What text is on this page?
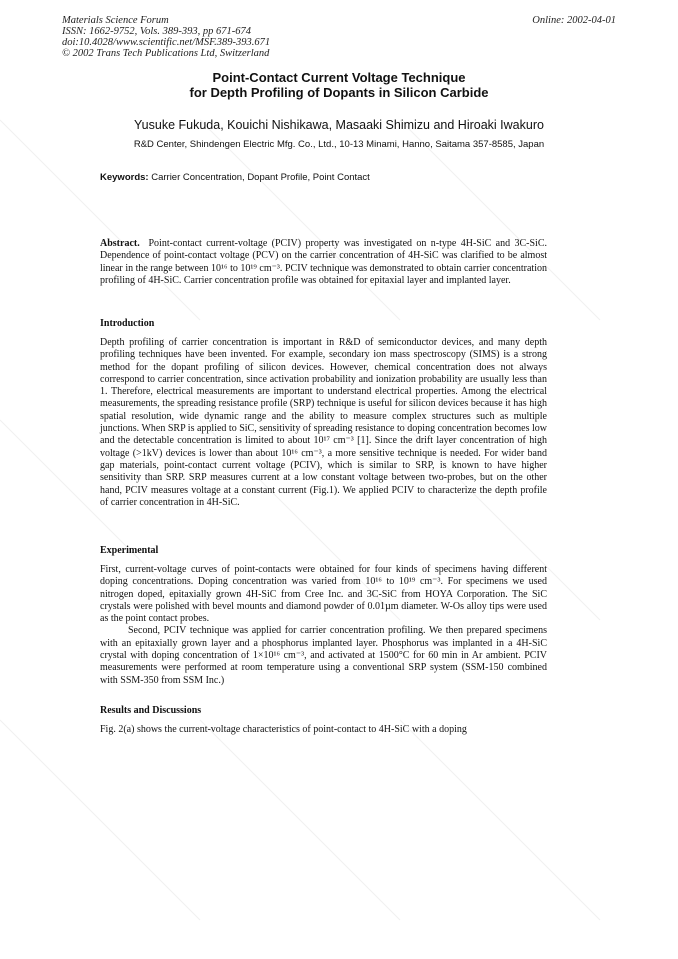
Materials Science Forum
ISSN: 1662-9752, Vols. 389-393, pp 671-674
doi:10.4028/www.scientific.net/MSF.389-393.671
© 2002 Trans Tech Publications Ltd, Switzerland
Online: 2002-04-01
Point-Contact Current Voltage Technique
for Depth Profiling of Dopants in Silicon Carbide
Yusuke Fukuda, Kouichi Nishikawa, Masaaki Shimizu and Hiroaki Iwakuro
R&D Center, Shindengen Electric Mfg. Co., Ltd., 10-13 Minami, Hanno, Saitama 357-8585, Japan
Keywords: Carrier Concentration, Dopant Profile, Point Contact

Abstract. Point-contact current-voltage (PCIV) property was investigated on n-type 4H-SiC and 3C-SiC. Dependence of point-contact voltage (PCV) on the carrier concentration of 4H-SiC was clarified to be almost linear in the range between 10¹⁶ to 10¹⁹ cm⁻³. PCIV technique was demonstrated to obtain carrier concentration profiling of 4H-SiC. Carrier concentration profile was obtained for epitaxial layer and implanted layer.

Introduction
Depth profiling of carrier concentration is important in R&D of semiconductor devices, and many depth profiling techniques have been invented. For example, secondary ion mass spectroscopy (SIMS) is a strong method for the dopant profiling of silicon devices. However, chemical concentration does not always correspond to carrier concentration, since activation probability and ionization probability are usually less than 1. Therefore, electrical measurements are important to understand electrical properties. Among the electrical measurements, the spreading resistance profile (SRP) technique is useful for silicon devices because it has high spatial resolution, wide dynamic range and the ability to measure complex structures such as multiple junctions. When SRP is applied to SiC, sensitivity of spreading resistance to doping concentration becomes low and the detectable concentration is limited to about 10¹⁷ cm⁻³ [1]. Since the drift layer concentration of high voltage (>1kV) devices is lower than about 10¹⁶ cm⁻³, a more sensitive technique is needed. For wider band gap materials, point-contact current voltage (PCIV), which is similar to SRP, is known to have higher sensitivity than SRP. SRP measures current at a low constant voltage between two-probes, but on the other hand, PCIV measures voltage at a constant current (Fig.1). We applied PCIV to characterize the depth profile of carrier concentration in 4H-SiC.
Experimental

First, current-voltage curves of point-contacts were obtained for four kinds of specimens having different doping concentrations. Doping concentration was varied from 10¹⁶ to 10¹⁹ cm⁻³. For specimens we used nitrogen doped, epitaxially grown 4H-SiC from Cree Inc. and 3C-SiC from HOYA Corporation. The SiC crystals were polished with bevel mounts and diamond powder of 0.01µm diameter. W-Os alloy tips were used as the point contact probes.

Second, PCIV technique was applied for carrier concentration profiling. We then prepared specimens with an epitaxially grown layer and a phosphorus implanted layer. Phosphorus was implanted in a 4H-SiC crystal with doping concentration of 1×10¹⁶ cm⁻³, and activated at 1500°C for 60 min in Ar ambient. PCIV measurements were performed at room temperature using a conventional SRP system (SSM-150 combined with SSM-350 from SSM Inc.)

Results and Discussions
Fig. 2(a) shows the current-voltage characteristics of point-contact to 4H-SiC with a doping
